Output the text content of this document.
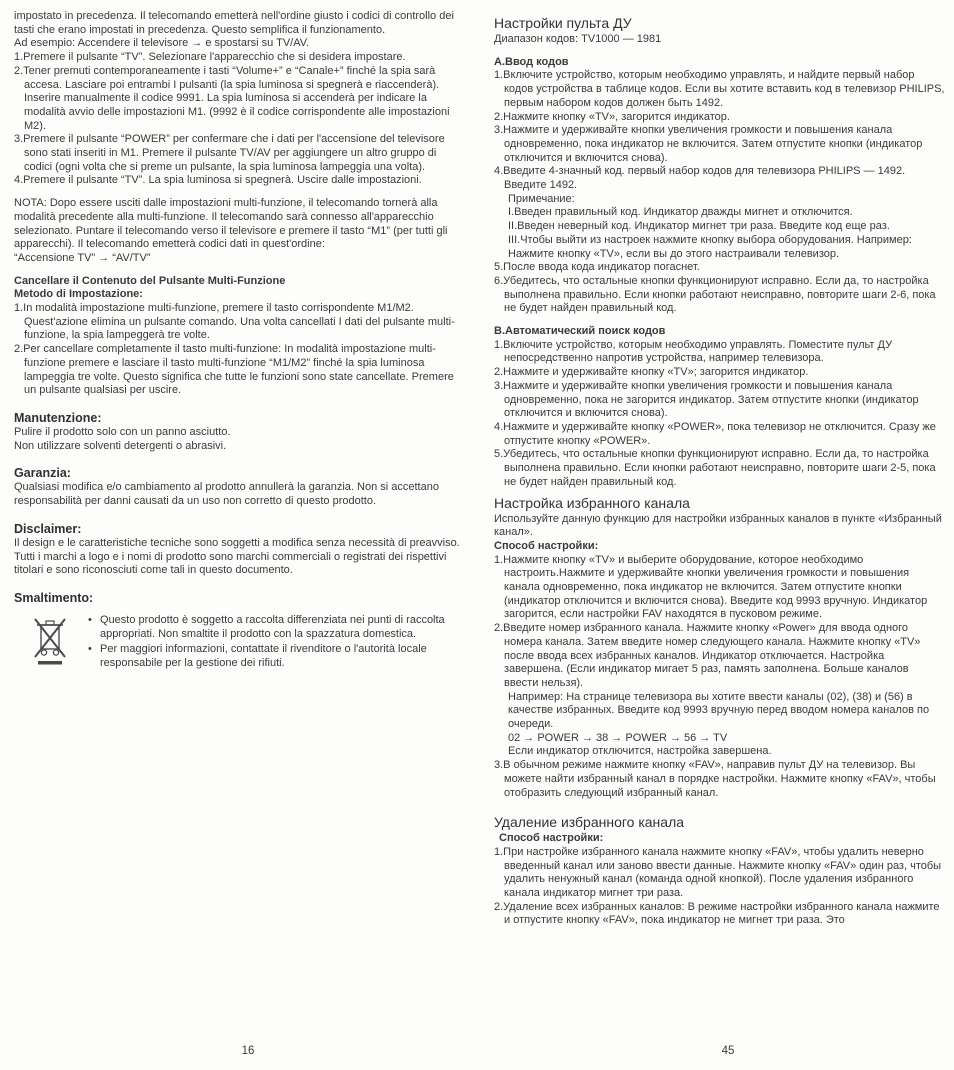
impostato in precedenza. Il telecomando emetterà nell'ordine giusto i codici di controllo dei tasti che erano impostati in precedenza. Questo semplifica il funzionamento.
Ad esempio: Accendere il televisore → e spostarsi su TV/AV.
1.Premere il pulsante “TV”. Selezionare l'apparecchio che si desidera impostare.
2.Tener premuti contemporaneamente i tasti “Volume+” e “Canale+” finché la spia sarà accesa. Lasciare poi entrambi I pulsanti (la spia luminosa si spegnerà e riaccenderà).
Inserire manualmente il codice 9991. La spia luminosa si accenderà per indicare la modalità avvio delle impostazioni M1. (9992 è il codice corrispondente alle impostazioni M2).
3.Premere il pulsante “POWER” per confermare che i dati per l'accensione del televisore sono stati inseriti in M1. Premere il pulsante TV/AV per aggiungere un altro gruppo di codici (ogni volta che si preme un pulsante, la spia luminosa lampeggia una volta).
4.Premere il pulsante “TV”. La spia luminosa si spegnerà. Uscire dalle impostazioni.
NOTA: Dopo essere usciti dalle impostazioni multi-funzione, il telecomando tornerà alla modalità precedente alla multi-funzione. Il telecomando sarà connesso all'apparecchio selezionato. Puntare il telecomando verso il televisore e premere il tasto “M1” (per tutti gli apparecchi). Il telecomando emetterà codici dati in quest'ordine:
“Accensione TV” → “AV/TV”
Cancellare il Contenuto del Pulsante Multi-Funzione
Metodo di Impostazione:
1.In modalità impostazione multi-funzione, premere il tasto corrispondente M1/M2. Quest'azione elimina un pulsante comando. Una volta cancellati I dati del pulsante multi-funzione, la spia lampeggerà tre volte.
2.Per cancellare completamente il tasto multi-funzione: In modalità impostazione multi-funzione premere e lasciare il tasto multi-funzione “M1/M2” finché la spia luminosa lampeggia tre volte. Questo significa che tutte le funzioni sono state cancellate. Premere un pulsante qualsiasi per uscire.
Manutenzione:
Pulire il prodotto solo con un panno asciutto.
Non utilizzare solventi detergenti o abrasivi.
Garanzia:
Qualsiasi modifica e/o cambiamento al prodotto annullerà la garanzia. Non si accettano responsabilità per danni causati da un uso non corretto di questo prodotto.
Disclaimer:
Il design e le caratteristiche tecniche sono soggetti a modifica senza necessità di preavviso. Tutti i marchi a logo e i nomi di prodotto sono marchi commerciali o registrati dei rispettivi titolari e sono riconosciuti come tali in questo documento.
Smaltimento:
• Questo prodotto è soggetto a raccolta differenziata nei punti di raccolta appropriati. Non smaltite il prodotto con la spazzatura domestica.
• Per maggiori informazioni, contattate il rivenditore o l'autorità locale responsabile per la gestione dei rifiuti.
Настройки пульта ДУ
Диапазон кодов: TV1000 — 1981
А.Ввод кодов
1.Включите устройство, которым необходимо управлять, и найдите первый набор кодов устройства в таблице кодов. Если вы хотите вставить код в телевизор PHILIPS, первым набором кодов должен быть 1492.
2.Нажмите кнопку «TV», загорится индикатор.
3.Нажмите и удерживайте кнопки увеличения громкости и повышения канала одновременно, пока индикатор не включится. Затем отпустите кнопки (индикатор отключится и включится снова).
4.Введите 4-значный код. первый набор кодов для телевизора PHILIPS — 1492. Введите 1492.
Примечание:
I.Введен правильный код. Индикатор дважды мигнет и отключится.
II.Введен неверный код. Индикатор мигнет три раза. Введите код еще раз.
III.Чтобы выйти из настроек нажмите кнопку выбора оборудования. Например: Нажмите кнопку «TV», если вы до этого настраивали телевизор.
5.После ввода кода индикатор погаснет.
6.Убедитесь, что остальные кнопки функционируют исправно. Если да, то настройка выполнена правильно. Если кнопки работают неисправно, повторите шаги 2-6, пока не будет найден правильный код.
В.Автоматический поиск кодов
1.Включите устройство, которым необходимо управлять. Поместите пульт ДУ непосредственно напротив устройства, например телевизора.
2.Нажмите и удерживайте кнопку «TV»; загорится индикатор.
3.Нажмите и удерживайте кнопки увеличения громкости и повышения канала одновременно, пока не загорится индикатор. Затем отпустите кнопки (индикатор отключится и включится снова).
4.Нажмите и удерживайте кнопку «POWER», пока телевизор не отключится. Сразу же отпустите кнопку «POWER».
5.Убедитесь, что остальные кнопки функционируют исправно. Если да, то настройка выполнена правильно. Если кнопки работают неисправно, повторите шаги 2-5, пока не будет найден правильный код.
Настройка избранного канала
Используйте данную функцию для настройки избранных каналов в пункте «Избранный канал».
Способ настройки:
1.Нажмите кнопку «TV» и выберите оборудование, которое необходимо настроить.Нажмите и удерживайте кнопки увеличения громкости и повышения канала одновременно, пока индикатор не включится. Затем отпустите кнопки (индикатор отключится и включится снова). Введите код 9993 вручную. Индикатор загорится, если настройки FAV находятся в пусковом режиме.
2.Введите номер избранного канала. Нажмите кнопку «Power» для ввода одного номера канала. Затем введите номер следующего канала. Нажмите кнопку «TV» после ввода всех избранных каналов. Индикатор отключается. Настройка завершена. (Если индикатор мигает 5 раз, память заполнена. Больше каналов ввести нельзя).
Например: На странице телевизора вы хотите ввести каналы (02), (38) и (56) в качестве избранных. Введите код 9993 вручную перед вводом номера каналов по очереди.
02 → POWER → 38 → POWER → 56 → TV
Если индикатор отключится, настройка завершена.
3.В обычном режиме нажмите кнопку «FAV», направив пульт ДУ на телевизор. Вы можете найти избранный канал в порядке настройки. Нажмите кнопку «FAV», чтобы отобразить следующий избранный канал.
Удаление избранного канала
Способ настройки:
1.При настройке избранного канала нажмите кнопку «FAV», чтобы удалить неверно введенный канал или заново ввести данные. Нажмите кнопку «FAV» один раз, чтобы удалить ненужный канал (команда одной кнопкой). После удаления избранного канала индикатор мигнет три раза.
2.Удаление всех избранных каналов: В режиме настройки избранного канала нажмите и отпустите кнопку «FAV», пока индикатор не мигнет три раза. Это
16	45
